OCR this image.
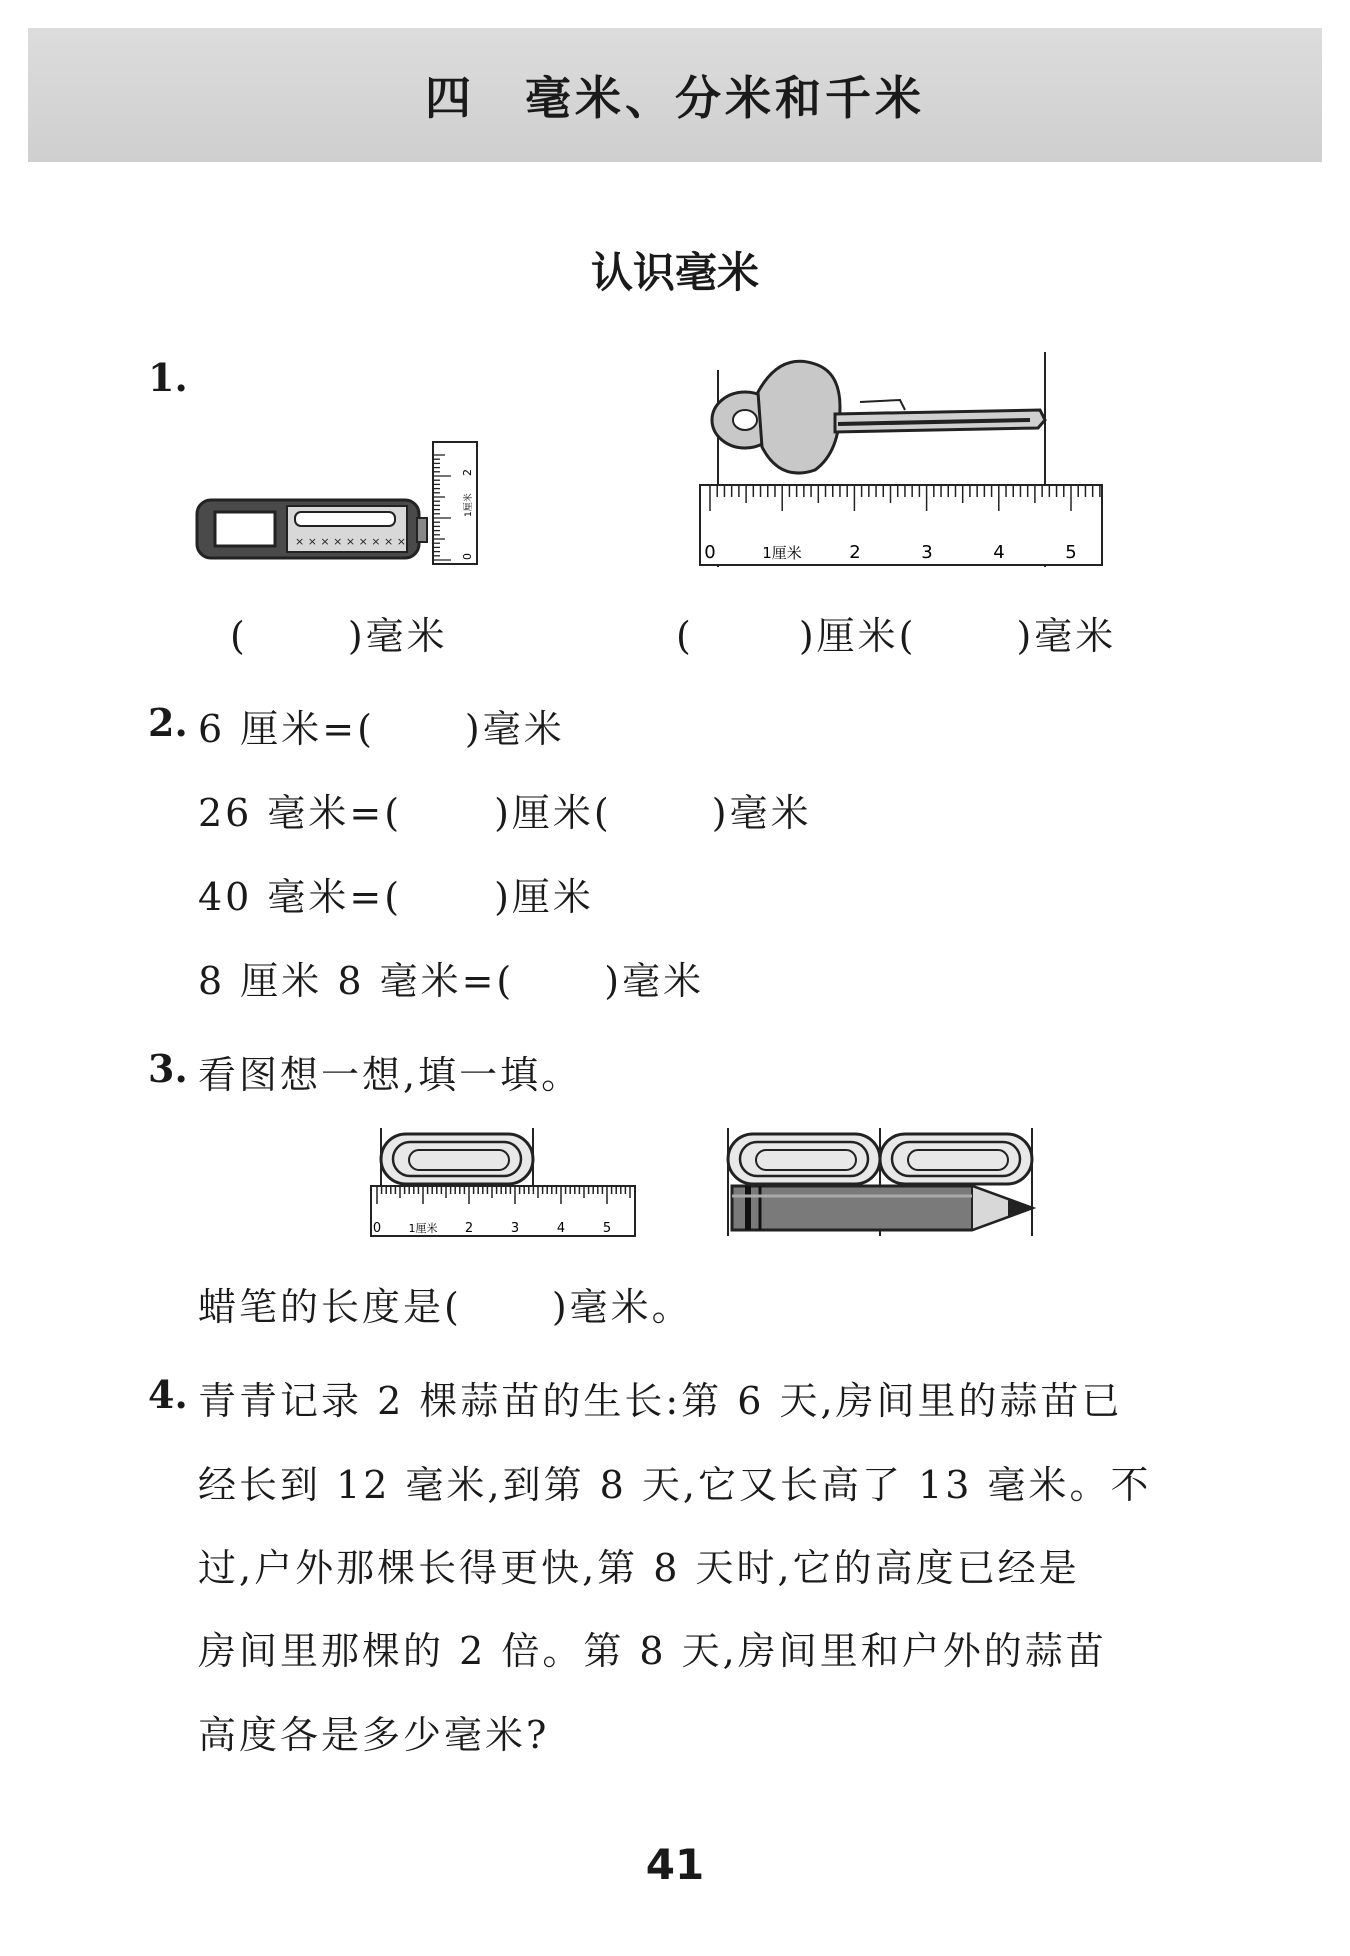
四 毫米、分米和千米
认识毫米
1.
× × × × × × × × ×
0
1厘米
2
0	1厘米	2	3	4	5
(	)毫米	(	)厘米(	)毫米
2. 6 厘米=( )毫米
26 毫米=( )厘米(	)毫米
40 毫米=( )厘米
8 厘米 8 毫米=( )毫米
3. 看图想一想,填一填。
0 1厘米 2	3	4	5
蜡笔的长度是( )毫米。
4. 青青记录 2 棵蒜苗的生长:第 6 天,房间里的蒜苗已
经长到 12 毫米,到第 8 天,它又长高了 13 毫米。不
过,户外那棵长得更快,第 8 天时,它的高度已经是
房间里那棵的 2 倍。第 8 天,房间里和户外的蒜苗
高度各是多少毫米?
41
